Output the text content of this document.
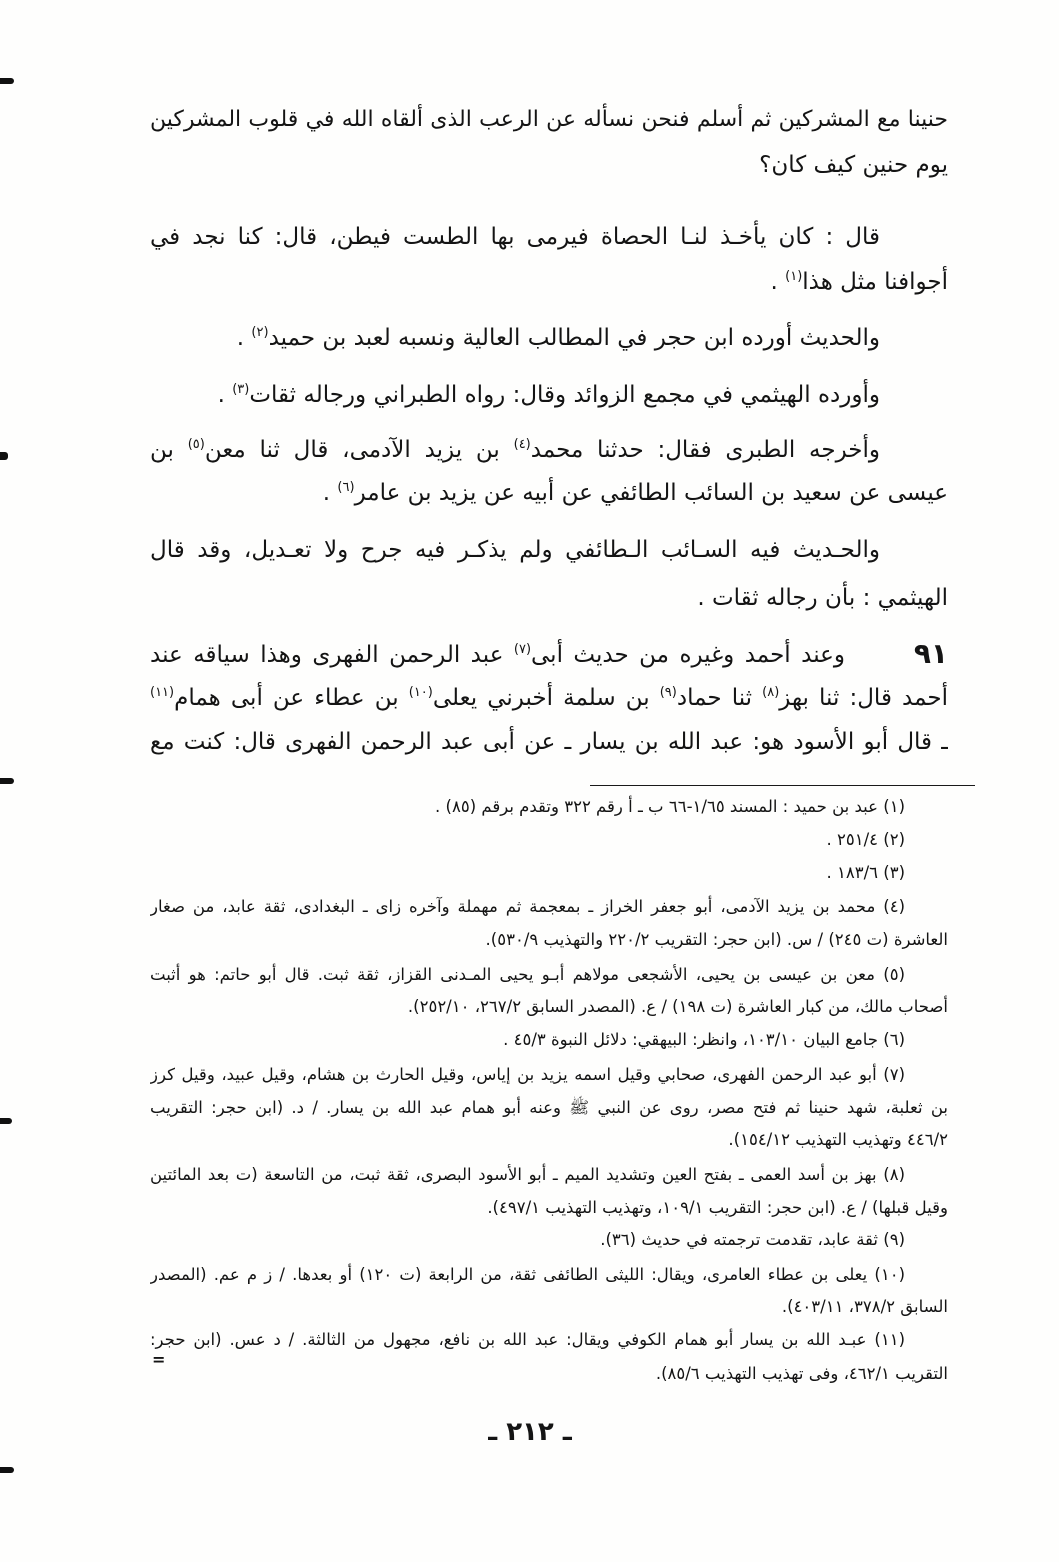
حنينا مع المشركين ثم أسلم فنحن نسأله عن الرعب الذى ألقاه الله في قلوب المشركين
يوم حنين كيف كان؟
قال : كان يأخـذ لنـا الحصاة فيرمى بها الطست فيطن، قال: كنا نجد في
أجوافنا مثل هذا$^{(١)}$ .
والحديث أورده ابن حجر في المطالب العالية ونسبه لعبد بن حميد$^{(٢)}$ .
وأورده الهيثمي في مجمع الزوائد وقال: رواه الطبراني ورجاله ثقات$^{(٣)}$ .
وأخرجه الطبرى فقال: حدثنا محمد$^{(٤)}$ بن يزيد الآدمى، قال ثنا معن$^{(٥)}$ بن
عيسى عن سعيد بن السائب الطائفي عن أبيه عن يزيد بن عامر$^{(٦)}$ .
والحـديث فيه السـائب الـطائفي ولم يذكـر فيه جرح ولا تعـديل، وقد قال
الهيثمي : بأن رجاله ثقات .
٩١
وعند أحمد وغيره من حديث أبى$^{(٧)}$ عبد الرحمن الفهرى وهذا سياقه عند
أحمد قال: ثنا بهز$^{(٨)}$ ثنا حماد$^{(٩)}$ بن سلمة أخبرني يعلى$^{(١٠)}$ بن عطاء عن أبى همام$^{(١١)}$
ـ قال أبو الأسود هو: عبد الله بن يسار ـ عن أبى عبد الرحمن الفهرى قال: كنت مع
(١) عبد بن حميد : المسند ١/٦٥-٦٦ ب ـ أ رقم ٣٢٢ وتقدم برقم (٨٥) .
(٢) ٢٥١/٤ .
(٣) ١٨٣/٦ .
(٤) محمد بن يزيد الآدمى، أبو جعفر الخراز ـ بمعجمة ثم مهملة وآخره زاى ـ البغدادى، ثقة عابد، من صغار
العاشرة (ت ٢٤٥) / س. (ابن حجر: التقريب ٢٢٠/٢ والتهذيب ٥٣٠/٩).
(٥) معن بن عيسى بن يحيى، الأشجعى مولاهم أبـو يحيى المـدنى القزاز، ثقة ثبت. قال أبو حاتم: هو أثبت
أصحاب مالك، من كبار العاشرة (ت ١٩٨) / ع. (المصدر السابق ٢٦٧/٢، ٢٥٢/١٠).
(٦) جامع البيان ١٠٣/١٠، وانظر: البيهقي: دلائل النبوة ٤٥/٣ .
(٧) أبو عبد الرحمن الفهرى، صحابي وقيل اسمه يزيد بن إياس، وقيل الحارث بن هشام، وقيل عبيد، وقيل كرز
بن ثعلبة، شهد حنينا ثم فتح مصر، روى عن النبي ﷺ وعنه أبو همام عبد الله بن يسار. / د. (ابن حجر: التقريب
٤٤٦/٢ وتهذيب التهذيب ١٥٤/١٢).
(٨) بهز بن أسد العمى ـ بفتح العين وتشديد الميم ـ أبو الأسود البصرى، ثقة ثبت، من التاسعة (ت بعد المائتين
وقيل قبلها) / ع. (ابن حجر: التقريب ١٠٩/١، وتهذيب التهذيب ٤٩٧/١).
(٩) ثقة عابد، تقدمت ترجمته في حديث (٣٦).
(١٠) يعلى بن عطاء العامرى، ويقال: الليثى الطائفى ثقة، من الرابعة (ت ١٢٠) أو بعدها. / ز م عم. (المصدر
السابق ٣٧٨/٢، ٤٠٣/١١).
(١١) عبـد الله بن يسار أبو همام الكوفي ويقال: عبد الله بن نافع، مجهول من الثالثة. / د عس. (ابن حجر:
التقريب ٤٦٢/١، وفى تهذيب التهذيب ٨٥/٦).
=
ـ ٢١٢ ـ
